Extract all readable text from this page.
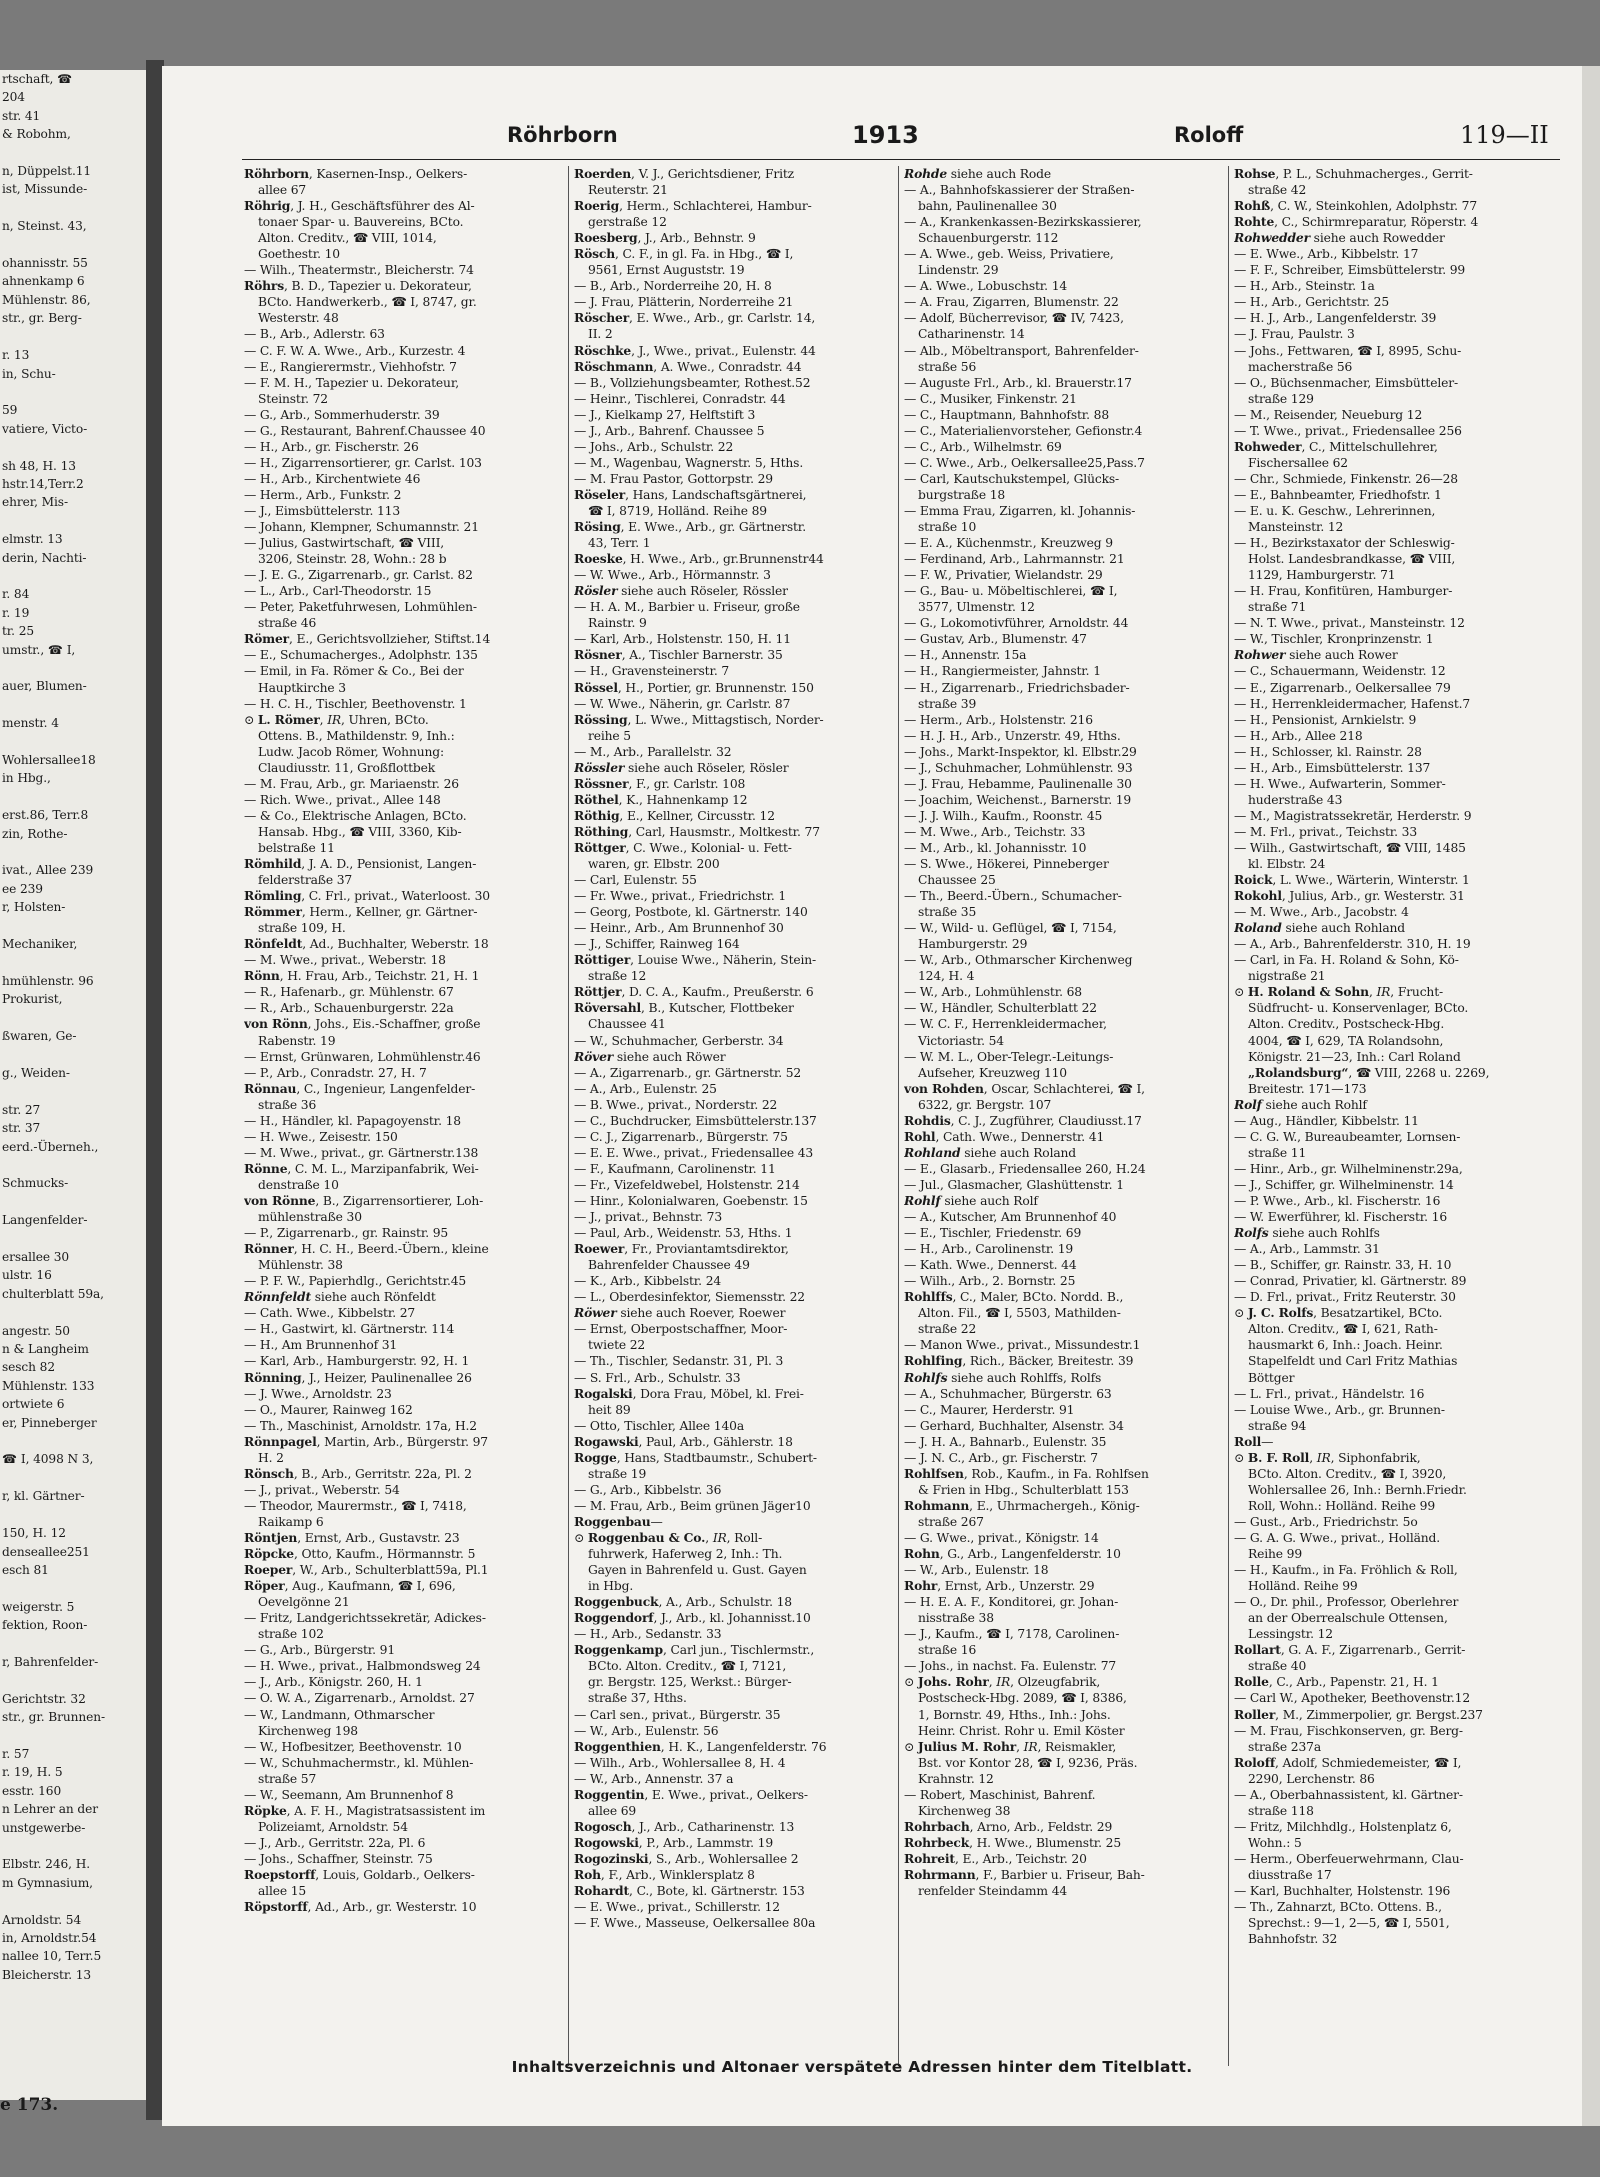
rtschaft, ☎
204
str. 41
& Robohm,

n, Düppelst.11
ist, Missunde-

n, Steinst. 43,

ohannisstr. 55
ahnenkamp 6
Mühlenstr. 86,
str., gr. Berg-

r. 13
in, Schu-

59
vatiere, Victo-

sh 48, H. 13
hstr.14,Terr.2
ehrer, Mis-

elmstr. 13
derin, Nachti-

r. 84
r. 19
tr. 25
umstr., ☎ I,

auer, Blumen-

menstr. 4

Wohlersallee18
in Hbg.,

erst.86, Terr.8
zin, Rothe-

ivat., Allee 239
ee 239
r, Holsten-

Mechaniker,

hmühlenstr. 96
Prokurist,

ßwaren, Ge-

g., Weiden-

str. 27
str. 37
eerd.-Überneh.,

Schmucks-

Langenfelder-

ersallee 30
ulstr. 16
chulterblatt 59a,

angestr. 50
n & Langheim
sesch 82
Mühlenstr. 133
ortwiete 6
er, Pinneberger

☎ I, 4098 N 3,

r, kl. Gärtner-

150, H. 12
denseallee251
esch 81

weigerstr. 5
fektion, Roon-

r, Bahrenfelder-

Gerichtstr. 32
str., gr. Brunnen-

r. 57
r. 19, H. 5
esstr. 160
n Lehrer an der
unstgewerbe-

Elbstr. 246, H.
m Gymnasium,

Arnoldstr. 54
in, Arnoldstr.54
nallee 10, Terr.5
Bleicherstr. 13
e 173.
Röhrborn	1913	Roloff	119—II
Röhrborn, Kasernen-Insp., Oelkers-
allee 67
Röhrig, J. H., Geschäftsführer des Al-
tonaer Spar- u. Bauvereins, BCto.
Alton. Creditv., ☎ VIII, 1014,
Goethestr. 10
— Wilh., Theatermstr., Bleicherstr. 74
Röhrs, B. D., Tapezier u. Dekorateur,
BCto. Handwerkerb., ☎ I, 8747, gr.
Westerstr. 48
— B., Arb., Adlerstr. 63
— C. F. W. A. Wwe., Arb., Kurzestr. 4
— E., Rangierermstr., Viehhofstr. 7
— F. M. H., Tapezier u. Dekorateur,
Steinstr. 72
— G., Arb., Sommerhuderstr. 39
— G., Restaurant, Bahrenf.Chaussee 40
— H., Arb., gr. Fischerstr. 26
— H., Zigarrensortierer, gr. Carlst. 103
— H., Arb., Kirchentwiete 46
— Herm., Arb., Funkstr. 2
— J., Eimsbüttelerstr. 113
— Johann, Klempner, Schumannstr. 21
— Julius, Gastwirtschaft, ☎ VIII,
3206, Steinstr. 28, Wohn.: 28 b
— J. E. G., Zigarrenarb., gr. Carlst. 82
— L., Arb., Carl-Theodorstr. 15
— Peter, Paketfuhrwesen, Lohmühlen-
straße 46
Römer, E., Gerichtsvollzieher, Stiftst.14
— E., Schumacherges., Adolphstr. 135
— Emil, in Fa. Römer & Co., Bei der
Hauptkirche 3
— H. C. H., Tischler, Beethovenstr. 1
⊙ L. Römer, IR, Uhren, BCto.
Ottens. B., Mathildenstr. 9, Inh.:
Ludw. Jacob Römer, Wohnung:
Claudiusstr. 11, Großflottbek
— M. Frau, Arb., gr. Mariaenstr. 26
— Rich. Wwe., privat., Allee 148
— & Co., Elektrische Anlagen, BCto.
Hansab. Hbg., ☎ VIII, 3360, Kib-
belstraße 11
Römhild, J. A. D., Pensionist, Langen-
felderstraße 37
Römling, C. Frl., privat., Waterloost. 30
Römmer, Herm., Kellner, gr. Gärtner-
straße 109, H.
Rönfeldt, Ad., Buchhalter, Weberstr. 18
— M. Wwe., privat., Weberstr. 18
Rönn, H. Frau, Arb., Teichstr. 21, H. 1
— R., Hafenarb., gr. Mühlenstr. 67
— R., Arb., Schauenburgerstr. 22a
von Rönn, Johs., Eis.-Schaffner, große
Rabenstr. 19
— Ernst, Grünwaren, Lohmühlenstr.46
— P., Arb., Conradstr. 27, H. 7
Rönnau, C., Ingenieur, Langenfelder-
straße 36
— H., Händler, kl. Papagoyenstr. 18
— H. Wwe., Zeisestr. 150
— M. Wwe., privat., gr. Gärtnerstr.138
Rönne, C. M. L., Marzipanfabrik, Wei-
denstraße 10
von Rönne, B., Zigarrensortierer, Loh-
mühlenstraße 30
— P., Zigarrenarb., gr. Rainstr. 95
Rönner, H. C. H., Beerd.-Übern., kleine
Mühlenstr. 38
— P. F. W., Papierhdlg., Gerichtstr.45
Rönnfeldt siehe auch Rönfeldt
— Cath. Wwe., Kibbelstr. 27
— H., Gastwirt, kl. Gärtnerstr. 114
— H., Am Brunnenhof 31
— Karl, Arb., Hamburgerstr. 92, H. 1
Rönning, J., Heizer, Paulinenallee 26
— J. Wwe., Arnoldstr. 23
— O., Maurer, Rainweg 162
— Th., Maschinist, Arnoldstr. 17a, H.2
Rönnpagel, Martin, Arb., Bürgerstr. 97
H. 2
Rönsch, B., Arb., Gerritstr. 22a, Pl. 2
— J., privat., Weberstr. 54
— Theodor, Maurermstr., ☎ I, 7418,
Raikamp 6
Röntjen, Ernst, Arb., Gustavstr. 23
Röpcke, Otto, Kaufm., Hörmannstr. 5
Roeper, W., Arb., Schulterblatt59a, Pl.1
Röper, Aug., Kaufmann, ☎ I, 696,
Oevelgönne 21
— Fritz, Landgerichtssekretär, Adickes-
straße 102
— G., Arb., Bürgerstr. 91
— H. Wwe., privat., Halbmondsweg 24
— J., Arb., Königstr. 260, H. 1
— O. W. A., Zigarrenarb., Arnoldst. 27
— W., Landmann, Othmarscher
Kirchenweg 198
— W., Hofbesitzer, Beethovenstr. 10
— W., Schuhmachermstr., kl. Mühlen-
straße 57
— W., Seemann, Am Brunnenhof 8
Röpke, A. F. H., Magistratsassistent im
Polizeiamt, Arnoldstr. 54
— J., Arb., Gerritstr. 22a, Pl. 6
— Johs., Schaffner, Steinstr. 75
Roepstorff, Louis, Goldarb., Oelkers-
allee 15
Röpstorff, Ad., Arb., gr. Westerstr. 10
Roerden, V. J., Gerichtsdiener, Fritz
Reuterstr. 21
Roerig, Herm., Schlachterei, Hambur-
gerstraße 12
Roesberg, J., Arb., Behnstr. 9
Rösch, C. F., in gl. Fa. in Hbg., ☎ I,
9561, Ernst Auguststr. 19
— B., Arb., Norderreihe 20, H. 8
— J. Frau, Plätterin, Norderreihe 21
Röscher, E. Wwe., Arb., gr. Carlstr. 14,
II. 2
Röschke, J., Wwe., privat., Eulenstr. 44
Röschmann, A. Wwe., Conradstr. 44
— B., Vollziehungsbeamter, Rothest.52
— Heinr., Tischlerei, Conradstr. 44
— J., Kielkamp 27, Helftstift 3
— J., Arb., Bahrenf. Chaussee 5
— Johs., Arb., Schulstr. 22
— M., Wagenbau, Wagnerstr. 5, Hths.
— M. Frau Pastor, Gottorpstr. 29
Röseler, Hans, Landschaftsgärtnerei,
☎ I, 8719, Holländ. Reihe 89
Rösing, E. Wwe., Arb., gr. Gärtnerstr.
43, Terr. 1
Roeske, H. Wwe., Arb., gr.Brunnenstr44
— W. Wwe., Arb., Hörmannstr. 3
Rösler siehe auch Röseler, Rössler
— H. A. M., Barbier u. Friseur, große
Rainstr. 9
— Karl, Arb., Holstenstr. 150, H. 11
Rösner, A., Tischler Barnerstr. 35
— H., Gravensteinerstr. 7
Rössel, H., Portier, gr. Brunnenstr. 150
— W. Wwe., Näherin, gr. Carlstr. 87
Rössing, L. Wwe., Mittagstisch, Norder-
reihe 5
— M., Arb., Parallelstr. 32
Rössler siehe auch Röseler, Rösler
Rössner, F., gr. Carlstr. 108
Röthel, K., Hahnenkamp 12
Röthig, E., Kellner, Circusstr. 12
Röthing, Carl, Hausmstr., Moltkestr. 77
Röttger, C. Wwe., Kolonial- u. Fett-
waren, gr. Elbstr. 200
— Carl, Eulenstr. 55
— Fr. Wwe., privat., Friedrichstr. 1
— Georg, Postbote, kl. Gärtnerstr. 140
— Heinr., Arb., Am Brunnenhof 30
— J., Schiffer, Rainweg 164
Röttiger, Louise Wwe., Näherin, Stein-
straße 12
Röttjer, D. C. A., Kaufm., Preußerstr. 6
Röversahl, B., Kutscher, Flottbeker
Chaussee 41
— W., Schuhmacher, Gerberstr. 34
Röver siehe auch Röwer
— A., Zigarrenarb., gr. Gärtnerstr. 52
— A., Arb., Eulenstr. 25
— B. Wwe., privat., Norderstr. 22
— C., Buchdrucker, Eimsbüttelerstr.137
— C. J., Zigarrenarb., Bürgerstr. 75
— E. E. Wwe., privat., Friedensallee 43
— F., Kaufmann, Carolinenstr. 11
— Fr., Vizefeldwebel, Holstenstr. 214
— Hinr., Kolonialwaren, Goebenstr. 15
— J., privat., Behnstr. 73
— Paul, Arb., Weidenstr. 53, Hths. 1
Roewer, Fr., Proviantamtsdirektor,
Bahrenfelder Chaussee 49
— K., Arb., Kibbelstr. 24
— L., Oberdesinfektor, Siemensstr. 22
Röwer siehe auch Roever, Roewer
— Ernst, Oberpostschaffner, Moor-
twiete 22
— Th., Tischler, Sedanstr. 31, Pl. 3
— S. Frl., Arb., Schulstr. 33
Rogalski, Dora Frau, Möbel, kl. Frei-
heit 89
— Otto, Tischler, Allee 140a
Rogawski, Paul, Arb., Gählerstr. 18
Rogge, Hans, Stadtbaumstr., Schubert-
straße 19
— G., Arb., Kibbelstr. 36
— M. Frau, Arb., Beim grünen Jäger10
Roggenbau—
⊙ Roggenbau & Co., IR, Roll-
fuhrwerk, Haferweg 2, Inh.: Th.
Gayen in Bahrenfeld u. Gust. Gayen
in Hbg.
Roggenbuck, A., Arb., Schulstr. 18
Roggendorf, J., Arb., kl. Johannisst.10
— H., Arb., Sedanstr. 33
Roggenkamp, Carl jun., Tischlermstr.,
BCto. Alton. Creditv., ☎ I, 7121,
gr. Bergstr. 125, Werkst.: Bürger-
straße 37, Hths.
— Carl sen., privat., Bürgerstr. 35
— W., Arb., Eulenstr. 56
Roggenthien, H. K., Langenfelderstr. 76
— Wilh., Arb., Wohlersallee 8, H. 4
— W., Arb., Annenstr. 37 a
Roggentin, E. Wwe., privat., Oelkers-
allee 69
Rogosch, J., Arb., Catharinenstr. 13
Rogowski, P., Arb., Lammstr. 19
Rogozinski, S., Arb., Wohlersallee 2
Roh, F., Arb., Winklersplatz 8
Rohardt, C., Bote, kl. Gärtnerstr. 153
— E. Wwe., privat., Schillerstr. 12
— F. Wwe., Masseuse, Oelkersallee 80a
Rohde siehe auch Rode
— A., Bahnhofskassierer der Straßen-
bahn, Paulinenallee 30
— A., Krankenkassen-Bezirkskassierer,
Schauenburgerstr. 112
— A. Wwe., geb. Weiss, Privatiere,
Lindenstr. 29
— A. Wwe., Lobuschstr. 14
— A. Frau, Zigarren, Blumenstr. 22
— Adolf, Bücherrevisor, ☎ IV, 7423,
Catharinenstr. 14
— Alb., Möbeltransport, Bahrenfelder-
straße 56
— Auguste Frl., Arb., kl. Brauerstr.17
— C., Musiker, Finkenstr. 21
— C., Hauptmann, Bahnhofstr. 88
— C., Materialienvorsteher, Gefionstr.4
— C., Arb., Wilhelmstr. 69
— C. Wwe., Arb., Oelkersallee25,Pass.7
— Carl, Kautschukstempel, Glücks-
burgstraße 18
— Emma Frau, Zigarren, kl. Johannis-
straße 10
— E. A., Küchenmstr., Kreuzweg 9
— Ferdinand, Arb., Lahrmannstr. 21
— F. W., Privatier, Wielandstr. 29
— G., Bau- u. Möbeltischlerei, ☎ I,
3577, Ulmenstr. 12
— G., Lokomotivführer, Arnoldstr. 44
— Gustav, Arb., Blumenstr. 47
— H., Annenstr. 15a
— H., Rangiermeister, Jahnstr. 1
— H., Zigarrenarb., Friedrichsbader-
straße 39
— Herm., Arb., Holstenstr. 216
— H. J. H., Arb., Unzerstr. 49, Hths.
— Johs., Markt-Inspektor, kl. Elbstr.29
— J., Schuhmacher, Lohmühlenstr. 93
— J. Frau, Hebamme, Paulinenalle 30
— Joachim, Weichenst., Barnerstr. 19
— J. J. Wilh., Kaufm., Roonstr. 45
— M. Wwe., Arb., Teichstr. 33
— M., Arb., kl. Johannisstr. 10
— S. Wwe., Hökerei, Pinneberger
Chaussee 25
— Th., Beerd.-Übern., Schumacher-
straße 35
— W., Wild- u. Geflügel, ☎ I, 7154,
Hamburgerstr. 29
— W., Arb., Othmarscher Kirchenweg
124, H. 4
— W., Arb., Lohmühlenstr. 68
— W., Händler, Schulterblatt 22
— W. C. F., Herrenkleidermacher,
Victoriastr. 54
— W. M. L., Ober-Telegr.-Leitungs-
Aufseher, Kreuzweg 110
von Rohden, Oscar, Schlachterei, ☎ I,
6322, gr. Bergstr. 107
Rohdis, C. J., Zugführer, Claudiusst.17
Rohl, Cath. Wwe., Dennerstr. 41
Rohland siehe auch Roland
— E., Glasarb., Friedensallee 260, H.24
— Jul., Glasmacher, Glashüttenstr. 1
Rohlf siehe auch Rolf
— A., Kutscher, Am Brunnenhof 40
— E., Tischler, Friedenstr. 69
— H., Arb., Carolinenstr. 19
— Kath. Wwe., Dennerst. 44
— Wilh., Arb., 2. Bornstr. 25
Rohlffs, C., Maler, BCto. Nordd. B.,
Alton. Fil., ☎ I, 5503, Mathilden-
straße 22
— Manon Wwe., privat., Missundestr.1
Rohlfing, Rich., Bäcker, Breitestr. 39
Rohlfs siehe auch Rohlffs, Rolfs
— A., Schuhmacher, Bürgerstr. 63
— C., Maurer, Herderstr. 91
— Gerhard, Buchhalter, Alsenstr. 34
— J. H. A., Bahnarb., Eulenstr. 35
— J. N. C., Arb., gr. Fischerstr. 7
Rohlfsen, Rob., Kaufm., in Fa. Rohlfsen
& Frien in Hbg., Schulterblatt 153
Rohmann, E., Uhrmachergeh., König-
straße 267
— G. Wwe., privat., Königstr. 14
Rohn, G., Arb., Langenfelderstr. 10
— W., Arb., Eulenstr. 18
Rohr, Ernst, Arb., Unzerstr. 29
— H. E. A. F., Konditorei, gr. Johan-
nisstraße 38
— J., Kaufm., ☎ I, 7178, Carolinen-
straße 16
— Johs., in nachst. Fa. Eulenstr. 77
⊙ Johs. Rohr, IR, Olzeugfabrik,
Postscheck-Hbg. 2089, ☎ I, 8386,
1, Bornstr. 49, Hths., Inh.: Johs.
Heinr. Christ. Rohr u. Emil Köster
⊙ Julius M. Rohr, IR, Reismakler,
Bst. vor Kontor 28, ☎ I, 9236, Präs.
Krahnstr. 12
— Robert, Maschinist, Bahrenf.
Kirchenweg 38
Rohrbach, Arno, Arb., Feldstr. 29
Rohrbeck, H. Wwe., Blumenstr. 25
Rohreit, E., Arb., Teichstr. 20
Rohrmann, F., Barbier u. Friseur, Bah-
renfelder Steindamm 44
Rohse, P. L., Schuhmacherges., Gerrit-
straße 42
Rohß, C. W., Steinkohlen, Adolphstr. 77
Rohte, C., Schirmreparatur, Röperstr. 4
Rohwedder siehe auch Rowedder
— E. Wwe., Arb., Kibbelstr. 17
— F. F., Schreiber, Eimsbüttelerstr. 99
— H., Arb., Steinstr. 1a
— H., Arb., Gerichtstr. 25
— H. J., Arb., Langenfelderstr. 39
— J. Frau, Paulstr. 3
— Johs., Fettwaren, ☎ I, 8995, Schu-
macherstraße 56
— O., Büchsenmacher, Eimsbütteler-
straße 129
— M., Reisender, Neueburg 12
— T. Wwe., privat., Friedensallee 256
Rohweder, C., Mittelschullehrer,
Fischersallee 62
— Chr., Schmiede, Finkenstr. 26—28
— E., Bahnbeamter, Friedhofstr. 1
— E. u. K. Geschw., Lehrerinnen,
Mansteinstr. 12
— H., Bezirkstaxator der Schleswig-
Holst. Landesbrandkasse, ☎ VIII,
1129, Hamburgerstr. 71
— H. Frau, Konfitüren, Hamburger-
straße 71
— N. T. Wwe., privat., Mansteinstr. 12
— W., Tischler, Kronprinzenstr. 1
Rohwer siehe auch Rower
— C., Schauermann, Weidenstr. 12
— E., Zigarrenarb., Oelkersallee 79
— H., Herrenkleidermacher, Hafenst.7
— H., Pensionist, Arnkielstr. 9
— H., Arb., Allee 218
— H., Schlosser, kl. Rainstr. 28
— H., Arb., Eimsbüttelerstr. 137
— H. Wwe., Aufwarterin, Sommer-
huderstraße 43
— M., Magistratssekretär, Herderstr. 9
— M. Frl., privat., Teichstr. 33
— Wilh., Gastwirtschaft, ☎ VIII, 1485
kl. Elbstr. 24
Roick, L. Wwe., Wärterin, Winterstr. 1
Rokohl, Julius, Arb., gr. Westerstr. 31
— M. Wwe., Arb., Jacobstr. 4
Roland siehe auch Rohland
— A., Arb., Bahrenfelderstr. 310, H. 19
— Carl, in Fa. H. Roland & Sohn, Kö-
nigstraße 21
⊙ H. Roland & Sohn, IR, Frucht-
Südfrucht- u. Konservenlager, BCto.
Alton. Creditv., Postscheck-Hbg.
4004, ☎ I, 629, TA Rolandsohn,
Königstr. 21—23, Inh.: Carl Roland
„Rolandsburg“, ☎ VIII, 2268 u. 2269,
Breitestr. 171—173
Rolf siehe auch Rohlf
— Aug., Händler, Kibbelstr. 11
— C. G. W., Bureaubeamter, Lornsen-
straße 11
— Hinr., Arb., gr. Wilhelminenstr.29a,
— J., Schiffer, gr. Wilhelminenstr. 14
— P. Wwe., Arb., kl. Fischerstr. 16
— W. Ewerführer, kl. Fischerstr. 16
Rolfs siehe auch Rohlfs
— A., Arb., Lammstr. 31
— B., Schiffer, gr. Rainstr. 33, H. 10
— Conrad, Privatier, kl. Gärtnerstr. 89
— D. Frl., privat., Fritz Reuterstr. 30
⊙ J. C. Rolfs, Besatzartikel, BCto.
Alton. Creditv., ☎ I, 621, Rath-
hausmarkt 6, Inh.: Joach. Heinr.
Stapelfeldt und Carl Fritz Mathias
Böttger
— L. Frl., privat., Händelstr. 16
— Louise Wwe., Arb., gr. Brunnen-
straße 94
Roll—
⊙ B. F. Roll, IR, Siphonfabrik,
BCto. Alton. Creditv., ☎ I, 3920,
Wohlersallee 26, Inh.: Bernh.Friedr.
Roll, Wohn.: Holländ. Reihe 99
— Gust., Arb., Friedrichstr. 5o
— G. A. G. Wwe., privat., Holländ.
Reihe 99
— H., Kaufm., in Fa. Fröhlich & Roll,
Holländ. Reihe 99
— O., Dr. phil., Professor, Oberlehrer
an der Oberrealschule Ottensen,
Lessingstr. 12
Rollart, G. A. F., Zigarrenarb., Gerrit-
straße 40
Rolle, C., Arb., Papenstr. 21, H. 1
— Carl W., Apotheker, Beethovenstr.12
Roller, M., Zimmerpolier, gr. Bergst.237
— M. Frau, Fischkonserven, gr. Berg-
straße 237a
Roloff, Adolf, Schmiedemeister, ☎ I,
2290, Lerchenstr. 86
— A., Oberbahnassistent, kl. Gärtner-
straße 118
— Fritz, Milchhdlg., Holstenplatz 6,
Wohn.: 5
— Herm., Oberfeuerwehrmann, Clau-
diusstraße 17
— Karl, Buchhalter, Holstenstr. 196
— Th., Zahnarzt, BCto. Ottens. B.,
Sprechst.: 9—1, 2—5, ☎ I, 5501,
Bahnhofstr. 32
Inhaltsverzeichnis und Altonaer verspätete Adressen hinter dem Titelblatt.
